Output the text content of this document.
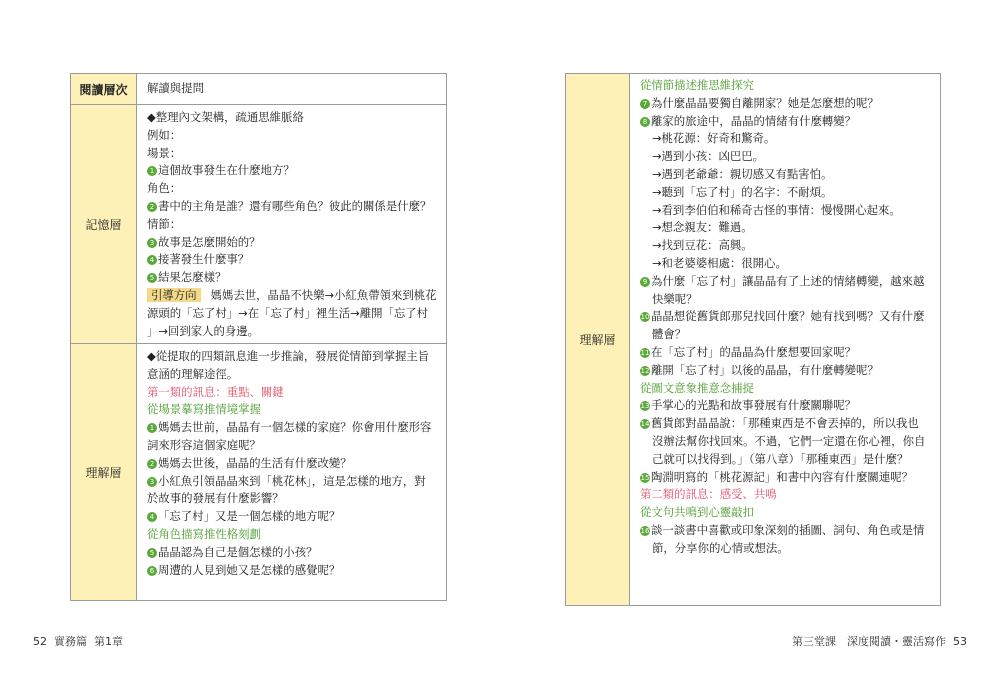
閱讀層次	解讀與提問
記憶層
◆整理內文架構，疏通思維脈絡
例如：
場景：
1 這個故事發生在什麼地方？
角色：
2 書中的主角是誰？還有哪些角色？彼此的關係是什麼？
情節：
3 故事是怎麼開始的？
4 接著發生什麼事？
5 結果怎麼樣？
引導方向 媽媽去世，晶晶不快樂→小紅魚帶領來到桃花
源頭的「忘了村」→在「忘了村」裡生活→離開「忘了村
」→回到家人的身邊。
理解層
◆從提取的四類訊息進一步推論，發展從情節到掌握主旨
意涵的理解途徑。
第一類的訊息：重點、關鍵
從場景摹寫推情境掌握
1 媽媽去世前，晶晶有一個怎樣的家庭？你會用什麼形容
詞來形容這個家庭呢？
2 媽媽去世後，晶晶的生活有什麼改變？
3 小紅魚引領晶晶來到「桃花林」，這是怎樣的地方，對
於故事的發展有什麼影響？
4 「忘了村」又是一個怎樣的地方呢？
從角色描寫推性格刻劃
5 晶晶認為自己是個怎樣的小孩？
6 周遭的人見到她又是怎樣的感覺呢？
理解層
從情節描述推思維探究
7 為什麼晶晶要獨自離開家？她是怎麼想的呢？
8 離家的旅途中，晶晶的情緒有什麼轉變？
→桃花源：好奇和驚奇。
→遇到小孩：凶巴巴。
→遇到老爺爺：親切感又有點害怕。
→聽到「忘了村」的名字：不耐煩。
→看到李伯伯和稀奇古怪的事情：慢慢開心起來。
→想念親友：難過。
→找到豆花：高興。
→和老婆婆相處：很開心。
9 為什麼「忘了村」讓晶晶有了上述的情緒轉變，越來越
快樂呢？
10 晶晶想從舊貨郎那兒找回什麼？她有找到嗎？又有什麼
體會？
11 在「忘了村」的晶晶為什麼想要回家呢？
12 離開「忘了村」以後的晶晶，有什麼轉變呢？
從圖文意象推意念捕捉
13 手掌心的光點和故事發展有什麼關聯呢？
14 舊貨郎對晶晶說：「那種東西是不會丟掉的，所以我也
沒辦法幫你找回來。不過，它們一定還在你心裡，你自
己就可以找得到。」（第八章）「那種東西」是什麼？
15 陶淵明寫的「桃花源記」和書中內容有什麼關連呢？
第二類的訊息：感受、共鳴
從文句共鳴到心靈敲扣
16 談一談書中喜歡或印象深刻的插圖、詞句、角色或是情
節，分享你的心情或想法。
52 實務篇 第1章	第三堂課　深度閱讀・靈活寫作 53
